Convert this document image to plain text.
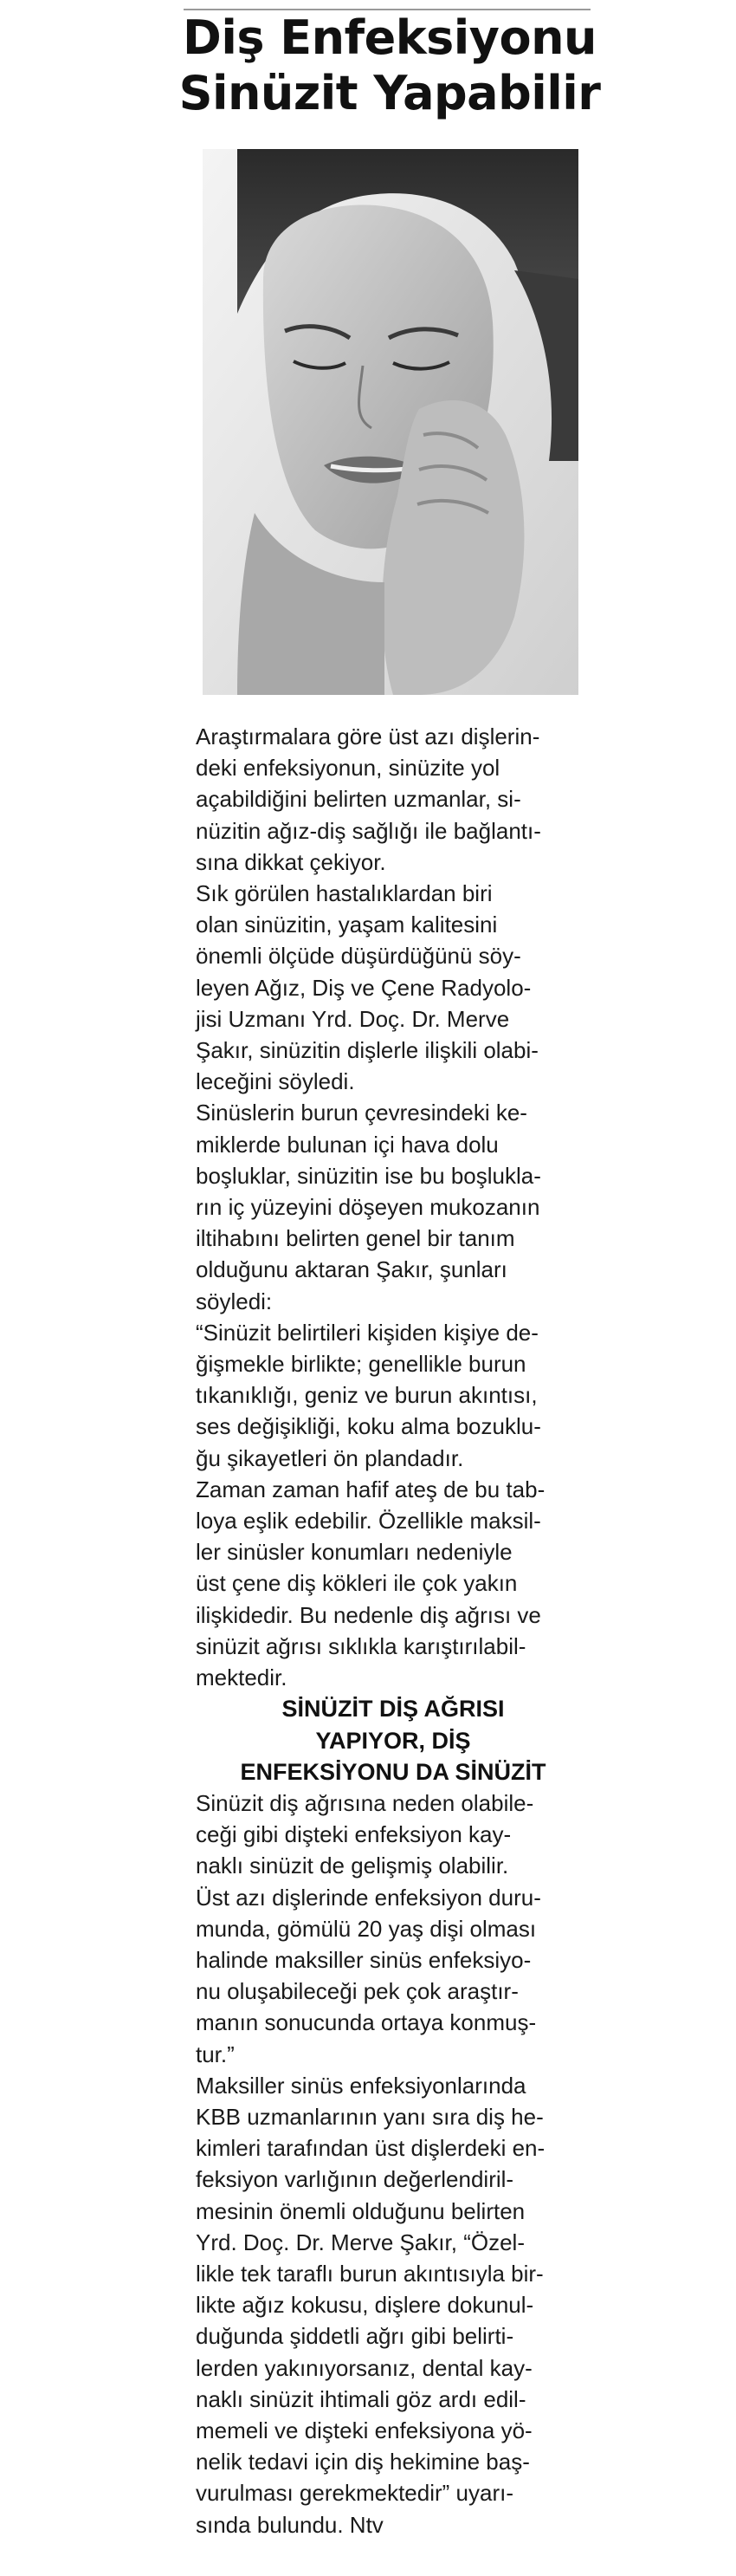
Diş Enfeksiyonu
Sinüzit Yapabilir

Araştırmalara göre üst azı dişlerin-
deki enfeksiyonun, sinüzite yol
açabildiğini belirten uzmanlar, si-
nüzitin ağız-diş sağlığı ile bağlantı-
sına dikkat çekiyor.

Sık görülen hastalıklardan biri
olan sinüzitin, yaşam kalitesini
önemli ölçüde düşürdüğünü söy-
leyen Ağız, Diş ve Çene Radyolo-
jisi Uzmanı Yrd. Doç. Dr. Merve
Şakır, sinüzitin dişlerle ilişkili olabi-
leceğini söyledi.

Sinüslerin burun çevresindeki ke-
miklerde bulunan içi hava dolu
boşluklar, sinüzitin ise bu boşlukla-
rın iç yüzeyini döşeyen mukozanın
iltihabını belirten genel bir tanım
olduğunu aktaran Şakır, şunları
söyledi:

“Sinüzit belirtileri kişiden kişiye de-
ğişmekle birlikte; genellikle burun
tıkanıklığı, geniz ve burun akıntısı,
ses değişikliği, koku alma bozuklu-
ğu şikayetleri ön plandadır.

Zaman zaman hafif ateş de bu tab-
loya eşlik edebilir. Özellikle maksil-
ler sinüsler konumları nedeniyle
üst çene diş kökleri ile çok yakın
ilişkidedir. Bu nedenle diş ağrısı ve
sinüzit ağrısı sıklıkla karıştırılabil-
mektedir.

SİNÜZİT DİŞ AĞRISI
YAPIYOR, DİŞ
ENFEKSİYONU DA SİNÜZİT

Sinüzit diş ağrısına neden olabile-
ceği gibi dişteki enfeksiyon kay-
naklı sinüzit de gelişmiş olabilir.

Üst azı dişlerinde enfeksiyon duru-
munda, gömülü 20 yaş dişi olması
halinde maksiller sinüs enfeksiyo-
nu oluşabileceği pek çok araştır-
manın sonucunda ortaya konmuş-
tur.”

Maksiller sinüs enfeksiyonlarında
KBB uzmanlarının yanı sıra diş he-
kimleri tarafından üst dişlerdeki en-
feksiyon varlığının değerlendiril-
mesinin önemli olduğunu belirten
Yrd. Doç. Dr. Merve Şakır, “Özel-
likle tek taraflı burun akıntısıyla bir-
likte ağız kokusu, dişlere dokunul-
duğunda şiddetli ağrı gibi belirti-
lerden yakınıyorsanız, dental kay-
naklı sinüzit ihtimali göz ardı edil-
memeli ve dişteki enfeksiyona yö-
nelik tedavi için diş hekimine baş-
vurulması gerekmektedir” uyarı-
sında bulundu. Ntv
